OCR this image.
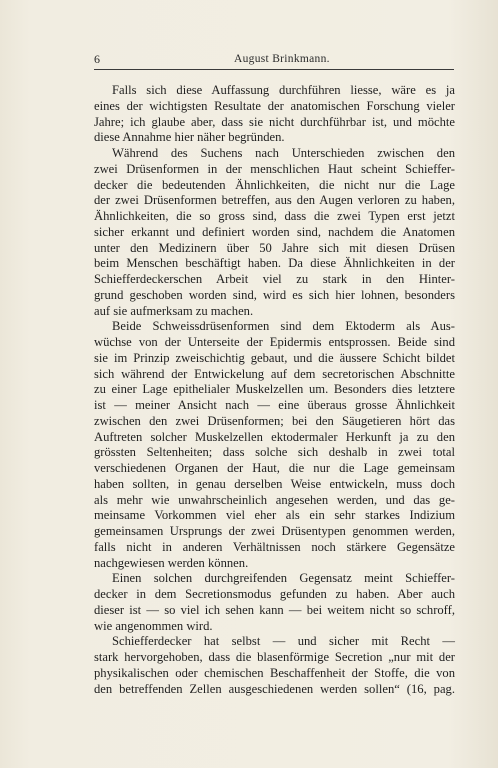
6	August Brinkmann.
Falls sich diese Auffassung durchführen liesse, wäre es ja
eines der wichtigsten Resultate der anatomischen Forschung vieler
Jahre; ich glaube aber, dass sie nicht durchführbar ist, und möchte
diese Annahme hier näher begründen.
Während des Suchens nach Unterschieden zwischen den
zwei Drüsenformen in der menschlichen Haut scheint Schieffer-
decker die bedeutenden Ähnlichkeiten, die nicht nur die Lage
der zwei Drüsenformen betreffen, aus den Augen verloren zu haben,
Ähnlichkeiten, die so gross sind, dass die zwei Typen erst jetzt
sicher erkannt und definiert worden sind, nachdem die Anatomen
unter den Medizinern über 50 Jahre sich mit diesen Drüsen
beim Menschen beschäftigt haben. Da diese Ähnlichkeiten in der
Schiefferdeckerschen Arbeit viel zu stark in den Hinter-
grund geschoben worden sind, wird es sich hier lohnen, besonders
auf sie aufmerksam zu machen.
Beide Schweissdrüsenformen sind dem Ektoderm als Aus-
wüchse von der Unterseite der Epidermis entsprossen. Beide sind
sie im Prinzip zweischichtig gebaut, und die äussere Schicht bildet
sich während der Entwickelung auf dem secretorischen Abschnitte
zu einer Lage epithelialer Muskelzellen um. Besonders dies letztere
ist — meiner Ansicht nach — eine überaus grosse Ähnlichkeit
zwischen den zwei Drüsenformen; bei den Säugetieren hört das
Auftreten solcher Muskelzellen ektodermaler Herkunft ja zu den
grössten Seltenheiten; dass solche sich deshalb in zwei total
verschiedenen Organen der Haut, die nur die Lage gemeinsam
haben sollten, in genau derselben Weise entwickeln, muss doch
als mehr wie unwahrscheinlich angesehen werden, und das ge-
meinsame Vorkommen viel eher als ein sehr starkes Indizium
gemeinsamen Ursprungs der zwei Drüsentypen genommen werden,
falls nicht in anderen Verhältnissen noch stärkere Gegensätze
nachgewiesen werden können.
Einen solchen durchgreifenden Gegensatz meint Schieffer-
decker in dem Secretionsmodus gefunden zu haben. Aber auch
dieser ist — so viel ich sehen kann — bei weitem nicht so schroff,
wie angenommen wird.
Schiefferdecker hat selbst — und sicher mit Recht —
stark hervorgehoben, dass die blasenförmige Secretion „nur mit der
physikalischen oder chemischen Beschaffenheit der Stoffe, die von
den betreffenden Zellen ausgeschiedenen werden sollen“ (16, pag.
